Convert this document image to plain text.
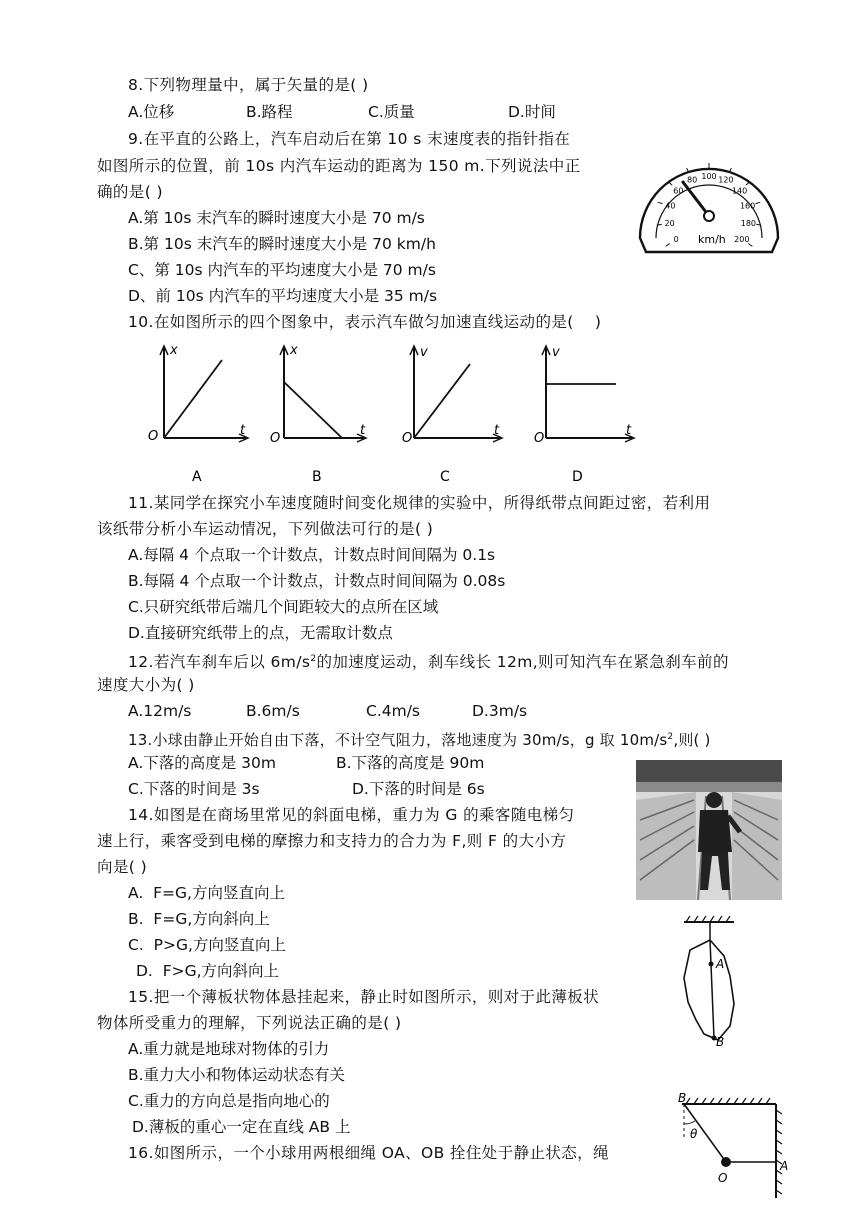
8.下列物理量中，属于矢量的是( )
A.位移	B.路程	C.质量	D.时间
9.在平直的公路上，汽车启动后在第 10 s 末速度表的指针指在
如图所示的位置，前 10s 内汽车运动的距离为 150 m.下列说法中正
确的是( )
A.第 10s 末汽车的瞬时速度大小是 70 m/s
B.第 10s 末汽车的瞬时速度大小是 70 km/h
C、第 10s 内汽车的平均速度大小是 70 m/s
D、前 10s 内汽车的平均速度大小是 35 m/s
0
20
40
60
80 100 120
140
160
180
200
km/h
10.在如图所示的四个图象中，表示汽车做匀加速直线运动的是(　 )
x
t
O
A
x
t
O
B
v
t
O
C
v
t
O
D
11.某同学在探究小车速度随时间变化规律的实验中，所得纸带点间距过密，若利用
该纸带分析小车运动情况，下列做法可行的是( )
A.每隔 4 个点取一个计数点，计数点时间间隔为 0.1s
B.每隔 4 个点取一个计数点，计数点时间间隔为 0.08s
C.只研究纸带后端几个间距较大的点所在区域
D.直接研究纸带上的点，无需取计数点
12.若汽车刹车后以 $6m/s^2$的加速度运动，刹车线长 12m,则可知汽车在紧急刹车前的
速度大小为( )
A.12m/s	B.6m/s	C.4m/s	D.3m/s
13.小球由静止开始自由下落，不计空气阻力，落地速度为 30m/s，g 取 $10m/s^2$,则( )
A.下落的高度是 30m	B.下落的高度是 90m
C.下落的时间是 3s	D.下落的时间是 6s
14.如图是在商场里常见的斜面电梯，重力为 G 的乘客随电梯匀
速上行，乘客受到电梯的摩擦力和支持力的合力为 F,则 F 的大小方
向是( )
A.  F=G,方向竖直向上
B.  F=G,方向斜向上
C.  P>G,方向竖直向上
D.  F>G,方向斜向上	A
B
15.把一个薄板状物体悬挂起来，静止时如图所示，则对于此薄板状
物体所受重力的理解，下列说法正确的是( )
A.重力就是地球对物体的引力
B.重力大小和物体运动状态有关
C.重力的方向总是指向地心的
D.薄板的重心一定在直线 AB 上
B
θ
O
A
16.如图所示，一个小球用两根细绳 OA、OB 拴住处于静止状态，绳
